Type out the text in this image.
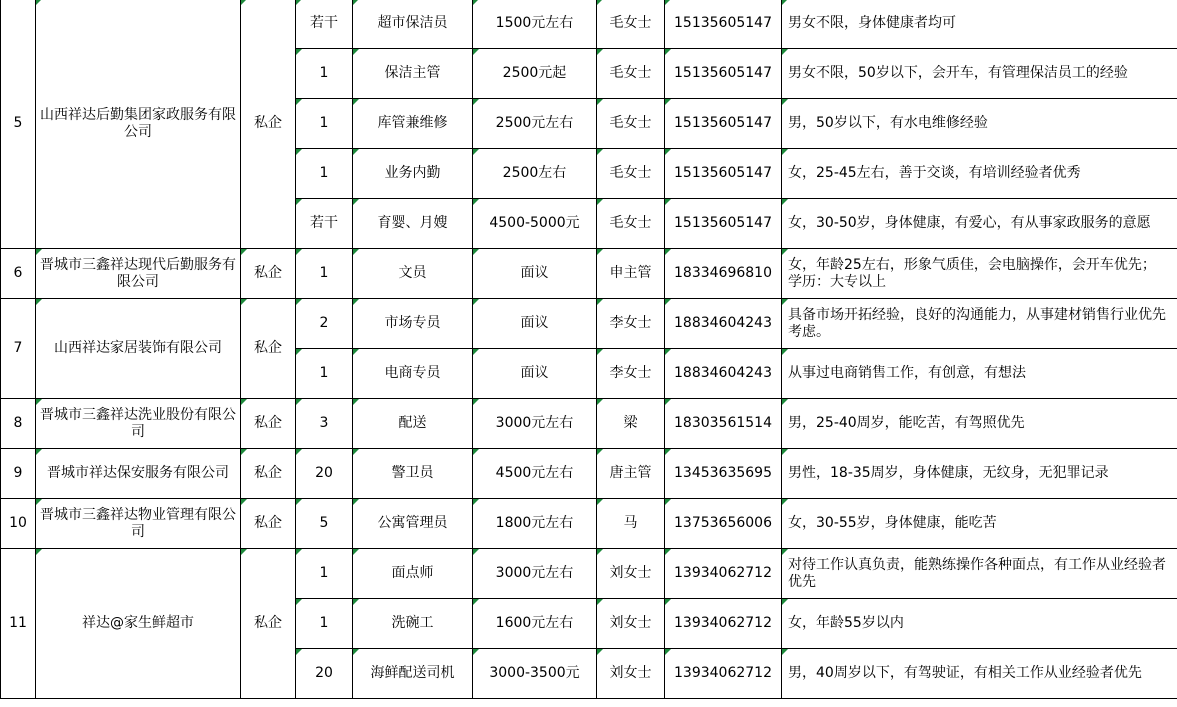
5	山西祥达后勤集团家政服务有限公司	私企	若干	超市保洁员	1500元左右	毛女士	15135605147	男女不限，身体健康者均可
			1	保洁主管	2500元起	毛女士	15135605147	男女不限，50岁以下，会开车，有管理保洁员工的经验
			1	库管兼维修	2500元左右	毛女士	15135605147	男，50岁以下，有水电维修经验
			1	业务内勤	2500左右	毛女士	15135605147	女，25-45左右，善于交谈，有培训经验者优秀
			若干	育婴、月嫂	4500-5000元	毛女士	15135605147	女，30-50岁，身体健康，有爱心，有从事家政服务的意愿
6	晋城市三鑫祥达现代后勤服务有限公司	私企	1	文员	面议	申主管	18334696810	女，年龄25左右，形象气质佳，会电脑操作，会开车优先； 学历：大专以上
7	山西祥达家居装饰有限公司	私企	2	市场专员	面议	李女士	18834604243	具备市场开拓经验，良好的沟通能力，从事建材销售行业优先考虑。
			1	电商专员	面议	李女士	18834604243	从事过电商销售工作，有创意，有想法
8	晋城市三鑫祥达洗业股份有限公司	私企	3	配送	3000元左右	梁	18303561514	男，25-40周岁，能吃苦，有驾照优先
9	晋城市祥达保安服务有限公司	私企	20	警卫员	4500元左右	唐主管	13453635695	男性，18-35周岁，身体健康，无纹身，无犯罪记录
10	晋城市三鑫祥达物业管理有限公司	私企	5	公寓管理员	1800元左右	马	13753656006	女，30-55岁，身体健康，能吃苦
11	祥达@家生鲜超市	私企	1	面点师	3000元左右	刘女士	13934062712	对待工作认真负责，能熟练操作各种面点，有工作从业经验者优先
			1	洗碗工	1600元左右	刘女士	13934062712	女，年龄55岁以内
			20	海鲜配送司机	3000-3500元	刘女士	13934062712	男，40周岁以下，有驾驶证，有相关工作从业经验者优先
